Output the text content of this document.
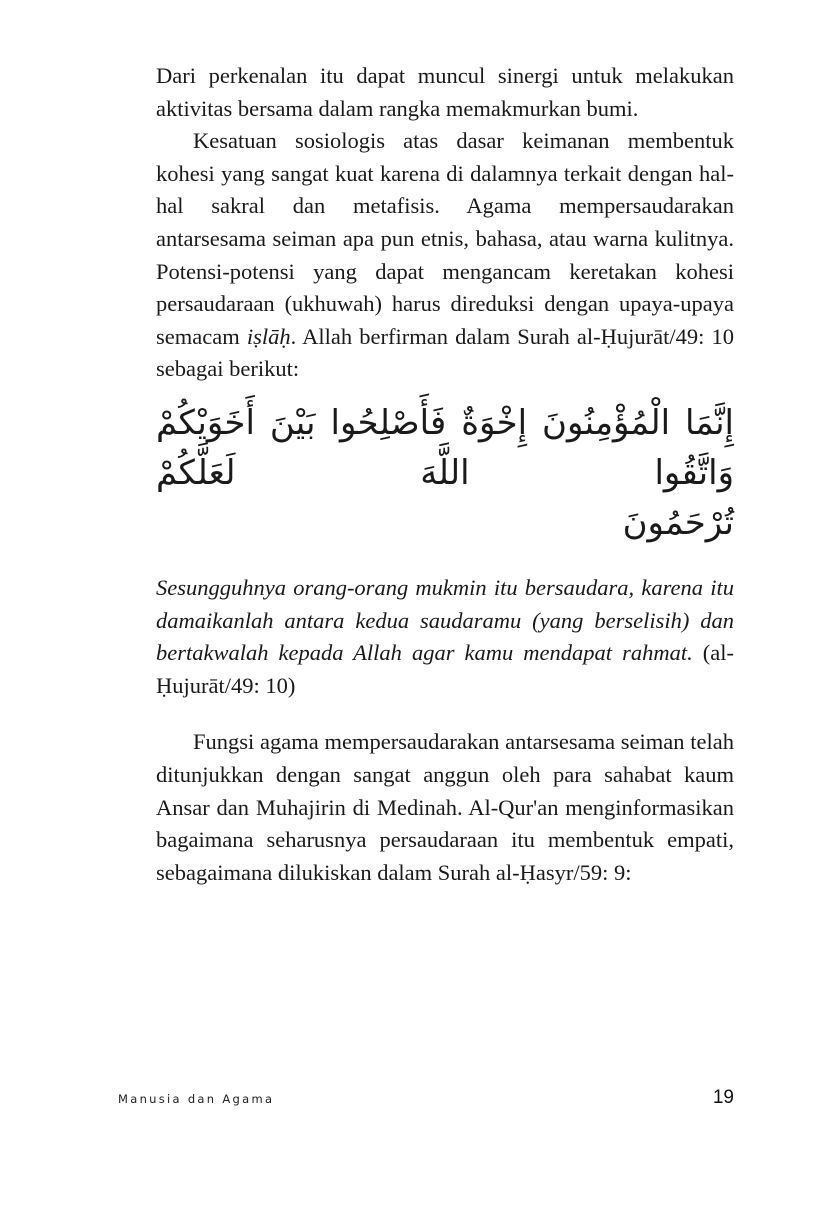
Dari perkenalan itu dapat muncul sinergi untuk melakukan aktivitas bersama dalam rangka memakmurkan bumi.

Kesatuan sosiologis atas dasar keimanan membentuk kohesi yang sangat kuat karena di dalamnya terkait dengan hal-hal sakral dan metafisis. Agama mempersaudarakan antarsesama seiman apa pun etnis, bahasa, atau warna kulitnya. Potensi-potensi yang dapat mengancam keretakan kohesi persaudaraan (ukhuwah) harus direduksi dengan upaya-upaya semacam iṣlāḥ. Allah berfirman dalam Surah al-Ḥujurāt/49: 10 sebagai berikut:

إِنَّمَا الْمُؤْمِنُونَ إِخْوَةٌ فَأَصْلِحُوا بَيْنَ أَخَوَيْكُمْ وَاتَّقُوا اللَّهَ لَعَلَّكُمْ
تُرْحَمُونَ

Sesungguhnya orang-orang mukmin itu bersaudara, karena itu damaikanlah antara kedua saudaramu (yang berselisih) dan bertakwalah kepada Allah agar kamu mendapat rahmat. (al-Ḥujurāt/49: 10)

Fungsi agama mempersaudarakan antarsesama seiman telah ditunjukkan dengan sangat anggun oleh para sahabat kaum Ansar dan Muhajirin di Medinah. Al-Qur'an menginformasikan bagaimana seharusnya persaudaraan itu membentuk empati, sebagaimana dilukiskan dalam Surah al-Ḥasyr/59: 9:

Manusia dan Agama	19
